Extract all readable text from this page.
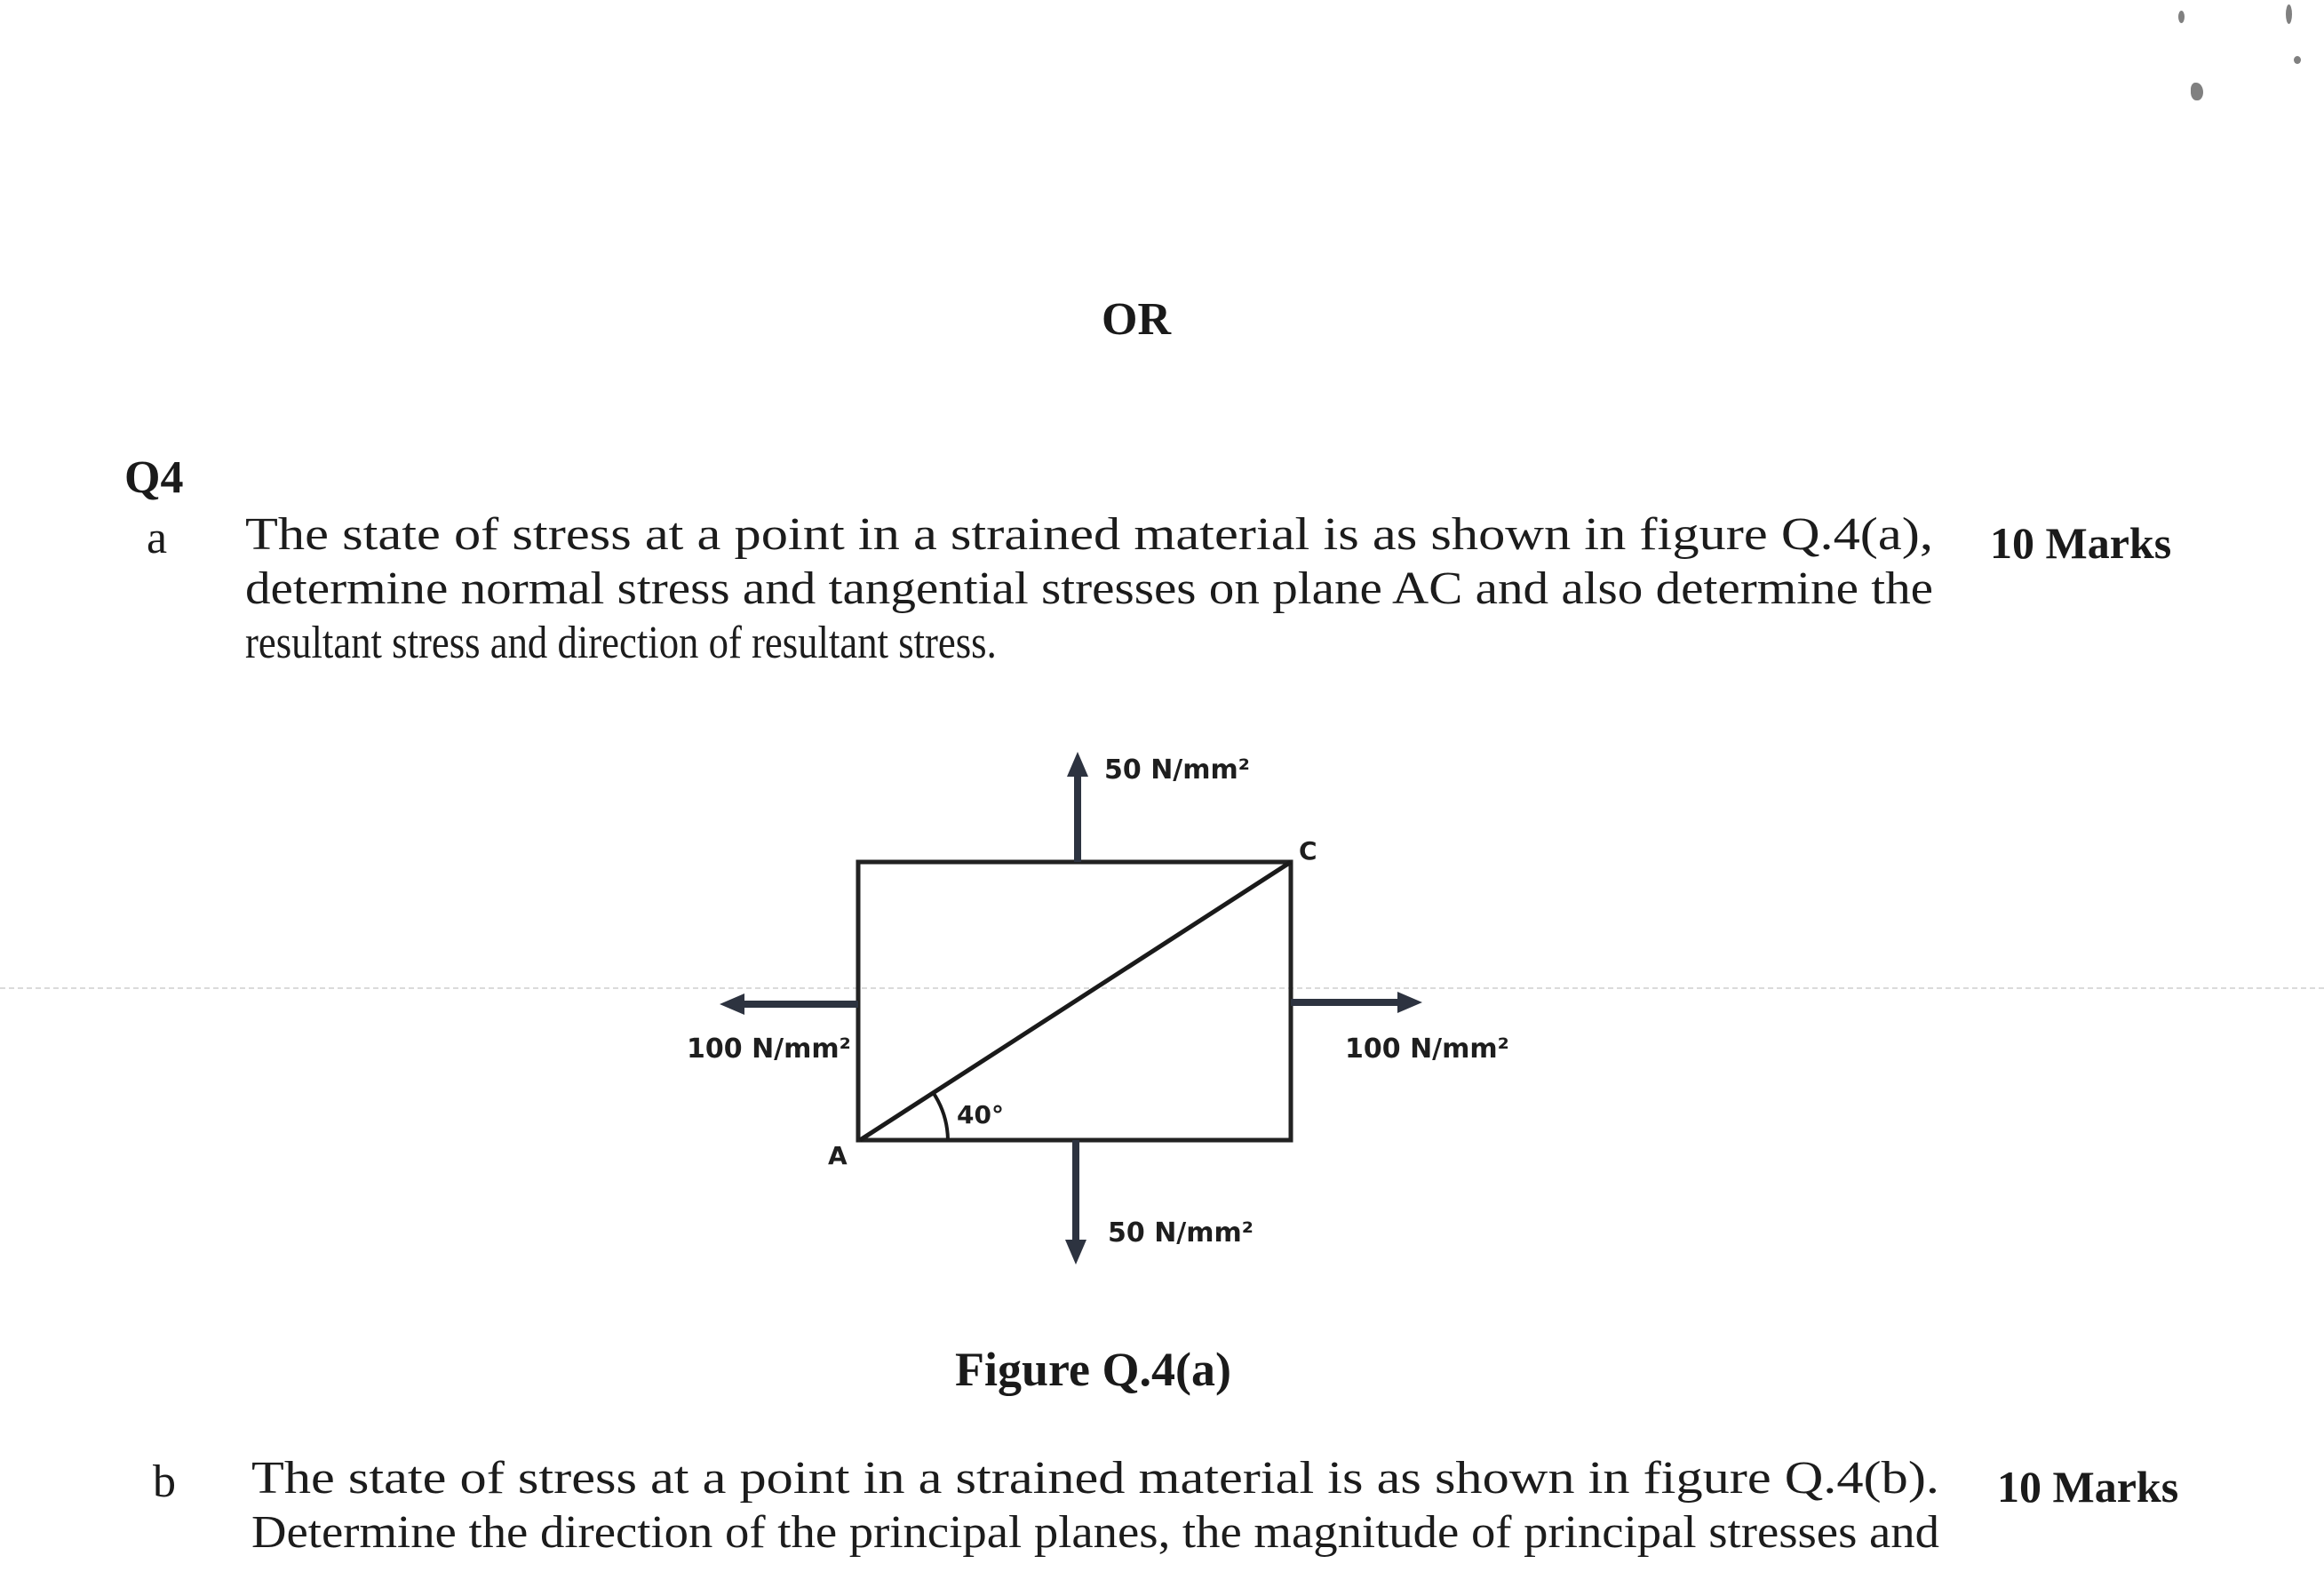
OR
Q4
a The state of stress at a point in a strained material is as shown in figure Q.4(a),
determine normal stress and tangential stresses on plane AC and also determine the
resultant stress and direction of resultant stress.
10 Marks
50 N/mm²
50 N/mm²
100 N/mm²	100 N/mm²
A
C
40°
Figure Q.4(a)
b The state of stress at a point in a strained material is as shown in figure Q.4(b).
Determine the direction of the principal planes, the magnitude of principal stresses and
10 Marks
